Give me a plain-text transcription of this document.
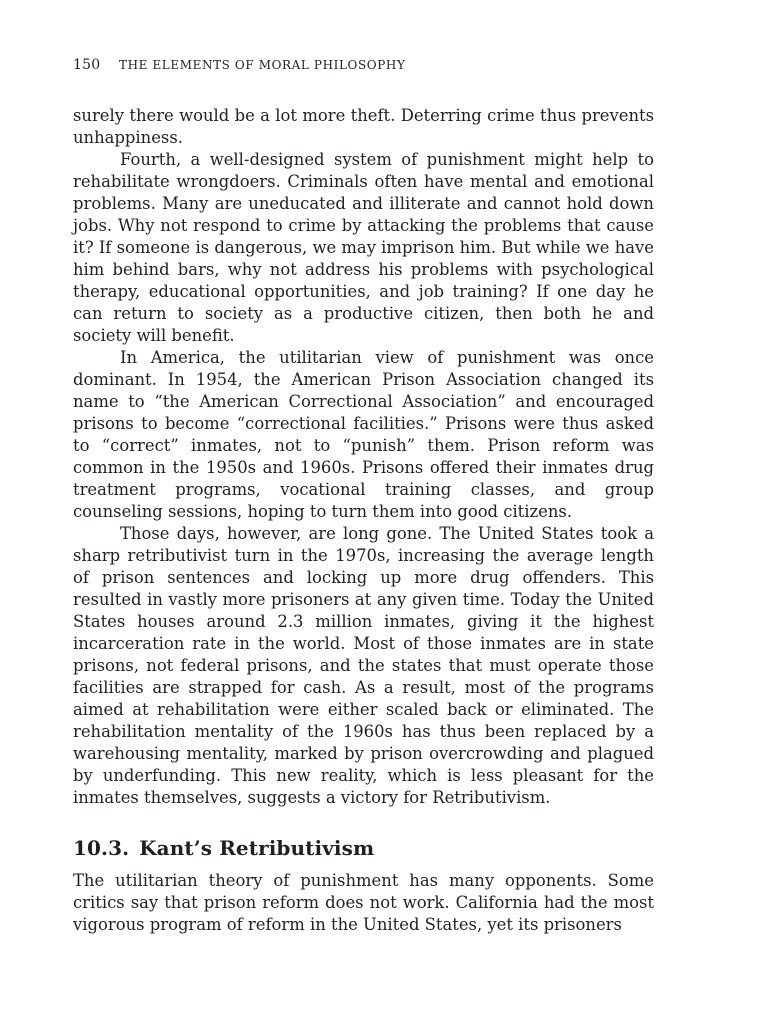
150 THE ELEMENTS OF MORAL PHILOSOPHY

surely there would be a lot more theft. Deterring crime thus prevents unhappiness.

Fourth, a well-designed system of punishment might help to rehabilitate wrongdoers. Criminals often have mental and emotional problems. Many are uneducated and illiterate and cannot hold down jobs. Why not respond to crime by attacking the problems that cause it? If someone is dangerous, we may imprison him. But while we have him behind bars, why not address his problems with psychological therapy, educational opportunities, and job training? If one day he can return to society as a productive citizen, then both he and society will benefit.

In America, the utilitarian view of punishment was once dominant. In 1954, the American Prison Association changed its name to “the American Correctional Association” and encouraged prisons to become “correctional facilities.” Prisons were thus asked to “correct” inmates, not to “punish” them. Prison reform was common in the 1950s and 1960s. Prisons offered their inmates drug treatment programs, vocational training classes, and group counseling sessions, hoping to turn them into good citizens.

Those days, however, are long gone. The United States took a sharp retributivist turn in the 1970s, increasing the average length of prison sentences and locking up more drug offenders. This resulted in vastly more prisoners at any given time. Today the United States houses around 2.3 million inmates, giving it the highest incarceration rate in the world. Most of those inmates are in state prisons, not federal prisons, and the states that must operate those facilities are strapped for cash. As a result, most of the programs aimed at rehabilitation were either scaled back or eliminated. The rehabilitation mentality of the 1960s has thus been replaced by a warehousing mentality, marked by prison overcrowding and plagued by underfunding. This new reality, which is less pleasant for the inmates themselves, suggests a victory for Retributivism.

10.3. Kant’s Retributivism

The utilitarian theory of punishment has many opponents. Some critics say that prison reform does not work. California had the most vigorous program of reform in the United States, yet its prisoners
